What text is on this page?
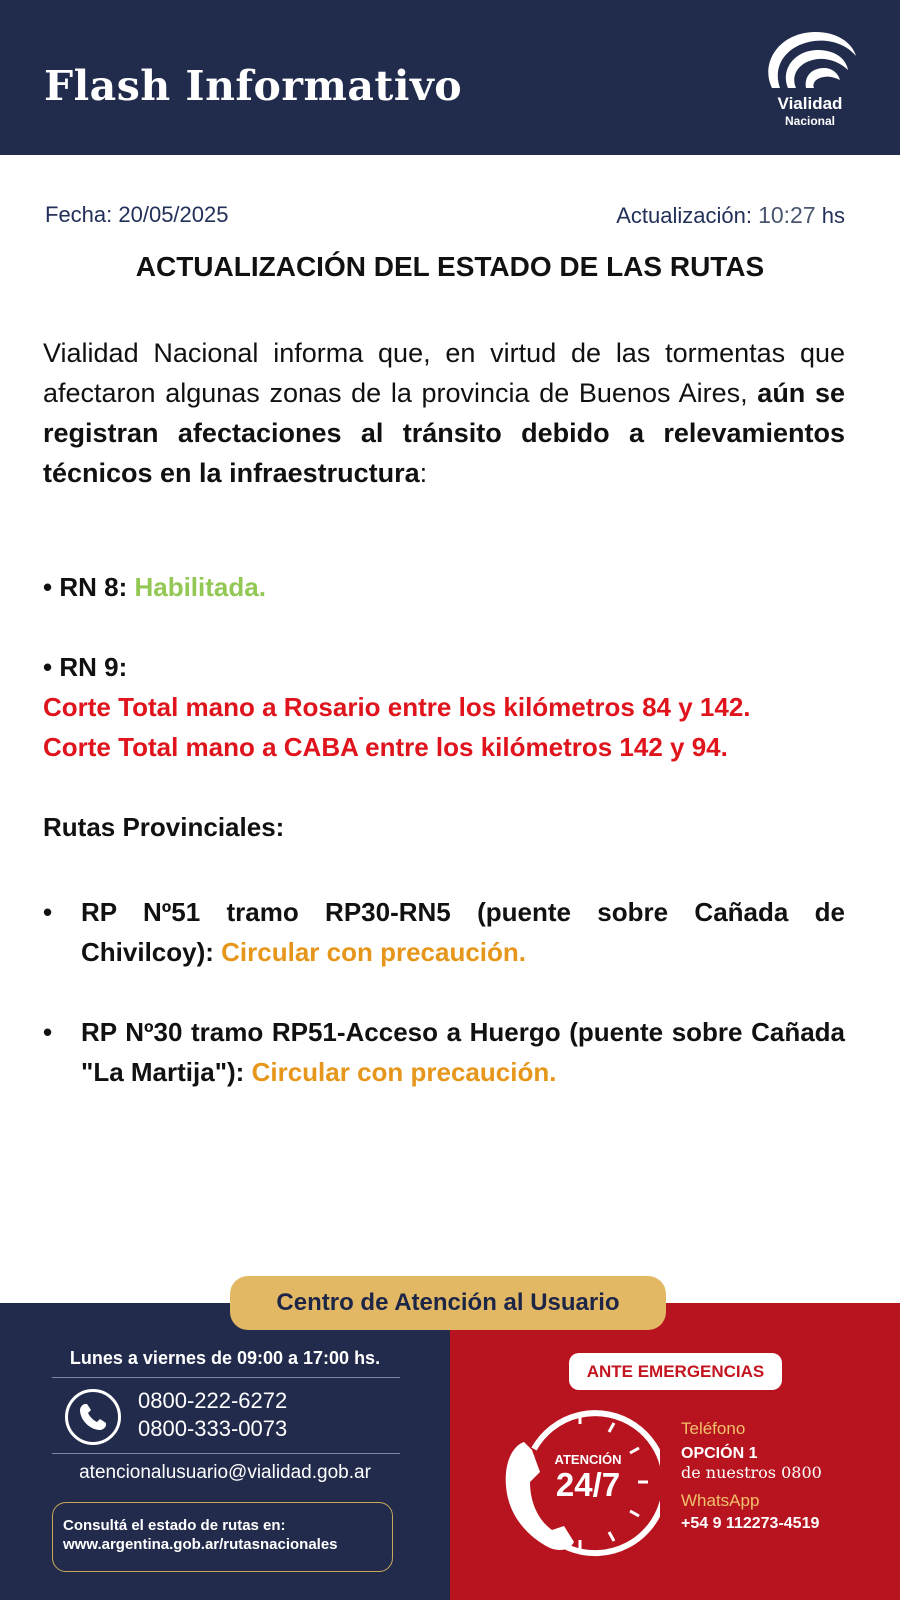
Flash Informativo	Vialidad
Nacional
Fecha: 20/05/2025	Actualización: 10:27 hs
ACTUALIZACIÓN DEL ESTADO DE LAS RUTAS
Vialidad Nacional informa que, en virtud de las tormentas que afectaron algunas zonas de la provincia de Buenos Aires, aún se registran afectaciones al tránsito debido a relevamientos técnicos en la infraestructura:
• RN 8: Habilitada.
• RN 9:
Corte Total mano a Rosario entre los kilómetros 84 y 142.
Corte Total mano a CABA entre los kilómetros 142 y 94.
Rutas Provinciales:
• RP Nº51 tramo RP30-RN5 (puente sobre Cañada de Chivilcoy): Circular con precaución.
• RP Nº30 tramo RP51-Acceso a Huergo (puente sobre Cañada "La Martija"): Circular con precaución.
Centro de Atención al Usuario
Lunes a viernes de 09:00 a 17:00 hs.
0800-222-6272
0800-333-0073
atencionalusuario@vialidad.gob.ar
Consultá el estado de rutas en:
www.argentina.gob.ar/rutasnacionales
ANTE EMERGENCIAS
ATENCIÓN
24/7
Teléfono
OPCIÓN 1
de nuestros 0800
WhatsApp
+54 9 112273-4519
